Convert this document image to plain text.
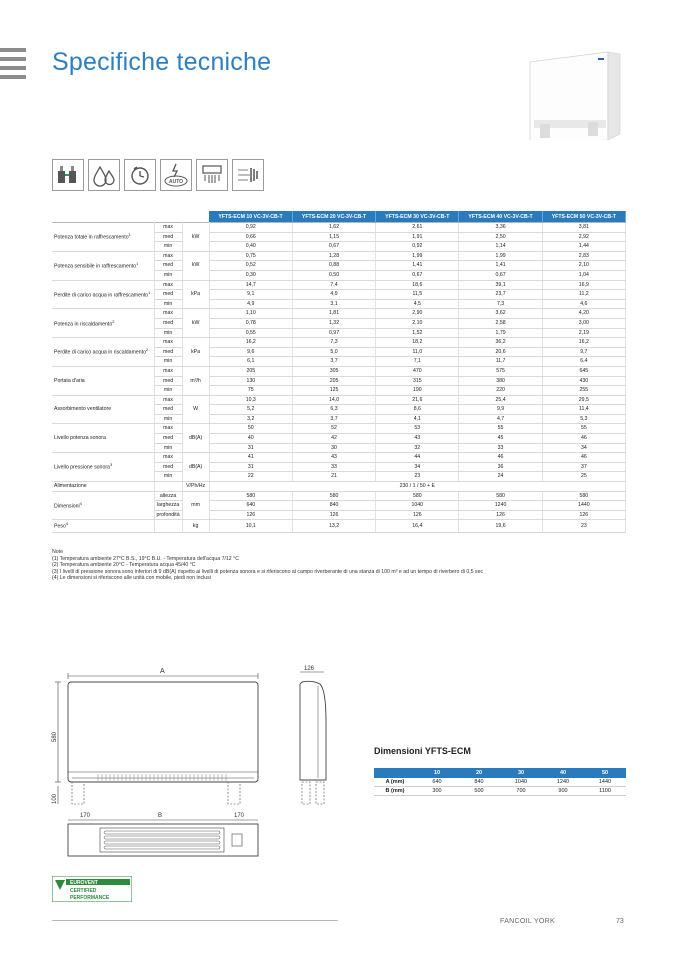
Specifiche tecniche
AUTO
			YFTS-ECM 10 VC-3V-CB-T	YFTS-ECM 20 VC-3V-CB-T	YFTS-ECM 30 VC-3V-CB-T	YFTS-ECM 40 VC-3V-CB-T	YFTS-ECM 50 VC-3V-CB-T
Potenza totale in raffrescamento$^1$	max	kW	0,92	1,62	2,61	3,36	3,81
	med		0,66	1,15	1,91	2,50	2,92
	min		0,40	0,67	0,92	1,14	1,44
Potenza sensibile in raffrescamento$^1$	max	kW	0,75	1,28	1,99	1,99	2,83
	med		0,52	0,88	1,41	1,41	2,10
	min		0,30	0,50	0,67	0,67	1,04
Perdite di carico acqua in raffrescamento$^1$	max	kPa	14,7	7,4	18,6	39,1	16,9
	med		9,1	4,9	11,5	23,7	11,2
	min		4,9	3,1	4,5	7,3	4,6
Potenza in riscaldamento$^2$	max	kW	1,10	1,81	2,90	3,62	4,20
	med		0,78	1,32	2,10	2,58	3,00
	min		0,55	0,97	1,52	1,79	2,19
Perdite di carico acqua in riscaldamento$^2$	max	kPa	16,2	7,3	18,2	36,2	16,2
	med		9,6	5,0	11,0	20,6	9,7
	min		6,1	3,7	7,1	11,7	6,4
Portata d'aria	max	m³/h	205	305	470	575	645
	med		130	205	315	380	430
	min		75	125	190	220	255
Assorbimento ventilatore	max	W	10,3	14,0	21,6	25,4	29,5
	med		5,2	6,3	8,6	9,9	11,4
	min		3,2	3,7	4,1	4,7	5,3
Livello potenza sonora	max	dB(A)	50	52	53	55	55
	med		40	42	43	45	46
	min		31	30	32	33	34
Livello pressione sonora$^3$	max	dB(A)	41	43	44	46	46
	med		31	33	34	36	37
	min		22	21	23	24	25
Alimentazione		V/Ph/Hz	230 / 1 / 50 + E				
Dimensioni$^4$	altezza	mm	580	580	580	580	580
	larghezza		640	840	1040	1240	1440
	profondità		126	126	126	126	126
Peso$^4$		kg	10,1	13,2	16,4	19,6	23
Note
(1) Temperatura ambiente 27°C B.S., 19°C B.U. - Temperatura dell'acqua 7/12 °C
(2) Temperatura ambiente 20°C - Temperatura acqua 45/40 °C
(3) I livelli di pressione sonora sono inferiori di 9 dB(A) rispetto ai livelli di potenza sonora e si riferiscono al campo riverberante di una stanza di 100 m³ e ad un tempo di riverbero di 0,5 sec
(4) Le dimensioni si riferiscono alle unità con mobile, piedi non inclusi
A
580
100
126
170	B	170
Dimensioni YFTS-ECM
	10	20	30	40	50
A (mm)	640	840	1040	1240	1440
B (mm)	300	500	700	900	1100
EUROVENT
CERTIFIED
PERFORMANCE
FANCOIL YORK	73
